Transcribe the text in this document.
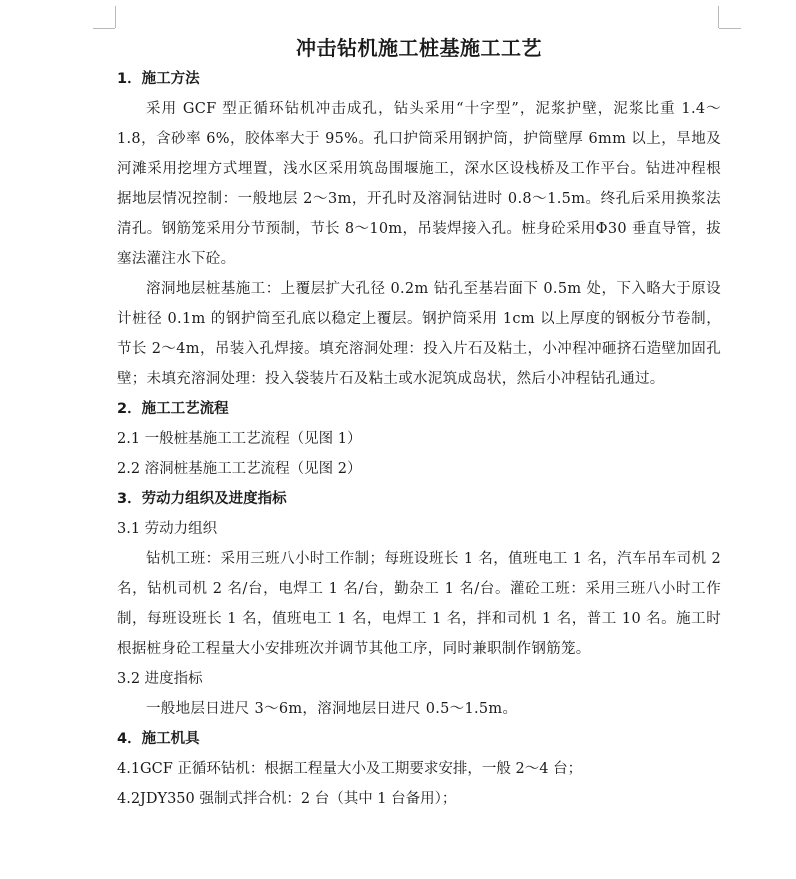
冲击钻机施工桩基施工工艺
1．施工方法

采用 GCF 型正循环钻机冲击成孔，钻头采用“十字型”，泥浆护壁，泥浆比重 1.4～1.8，含砂率 6%，胶体率大于 95%。孔口护筒采用钢护筒，护筒壁厚 6mm 以上，旱地及河滩采用挖埋方式埋置，浅水区采用筑岛围堰施工，深水区设栈桥及工作平台。钻进冲程根据地层情况控制：一般地层 2～3m，开孔时及溶洞钻进时 0.8～1.5m。终孔后采用换浆法清孔。钢筋笼采用分节预制，节长 8～10m，吊装焊接入孔。桩身砼采用Φ30 垂直导管，拔塞法灌注水下砼。

溶洞地层桩基施工：上覆层扩大孔径 0.2m 钻孔至基岩面下 0.5m 处，下入略大于原设计桩径 0.1m 的钢护筒至孔底以稳定上覆层。钢护筒采用 1cm 以上厚度的钢板分节卷制，节长 2～4m，吊装入孔焊接。填充溶洞处理：投入片石及粘土，小冲程冲砸挤石造壁加固孔壁；未填充溶洞处理：投入袋装片石及粘土或水泥筑成岛状，然后小冲程钻孔通过。

2．施工工艺流程
2.1 一般桩基施工工艺流程（见图 1）
2.2 溶洞桩基施工工艺流程（见图 2）
3．劳动力组织及进度指标
3.1 劳动力组织

钻机工班：采用三班八小时工作制；每班设班长 1 名，值班电工 1 名，汽车吊车司机 2 名，钻机司机 2 名/台，电焊工 1 名/台，勤杂工 1 名/台。灌砼工班：采用三班八小时工作制，每班设班长 1 名，值班电工 1 名，电焊工 1 名，拌和司机 1 名，普工 10 名。施工时根据桩身砼工程量大小安排班次并调节其他工序，同时兼职制作钢筋笼。

3.2 进度指标

一般地层日进尺 3～6m，溶洞地层日进尺 0.5～1.5m。

4．施工机具
4.1GCF 正循环钻机：根据工程量大小及工期要求安排，一般 2～4 台；
4.2JDY350 强制式拌合机：2 台（其中 1 台备用）；
